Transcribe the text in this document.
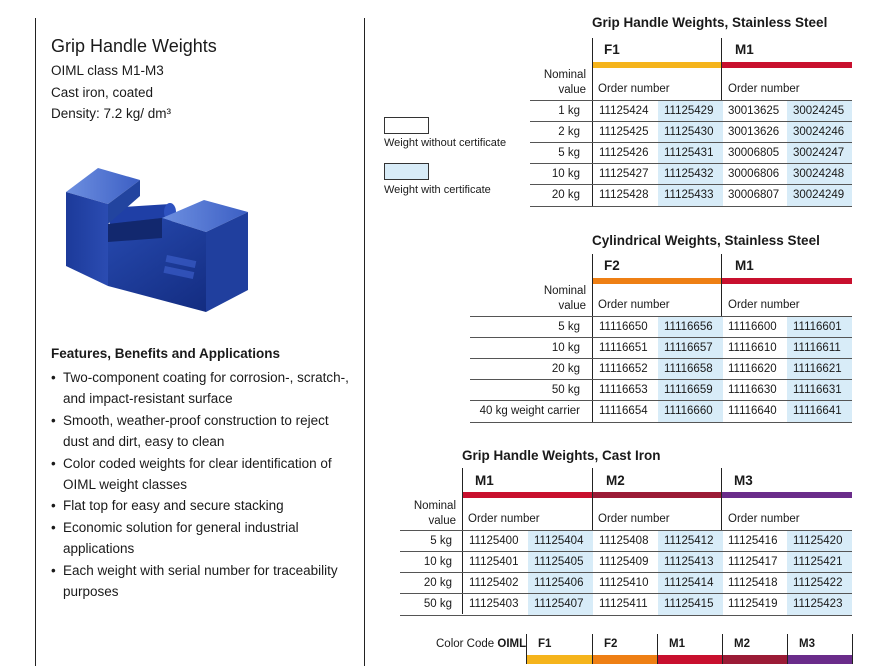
Grip Handle Weights
OIML class M1-M3
Cast iron, coated
Density: 7.2 kg/ dm³
Features, Benefits and Applications
• Two-component coating for corrosion-, scratch-, and impact-resistant surface
• Smooth, weather-proof construction to reject dust and dirt, easy to clean
• Color coded weights for clear identification of OIML weight classes
• Flat top for easy and secure stacking
• Economic solution for general industrial applications
• Each weight with serial number for traceability purposes
Weight without certificate
Weight with certificate
Grip Handle Weights, Stainless Steel
F1	M1
Nominal
value Order number	Order number
1 kg	11125424	11125429	30013625	30024245
2 kg	11125425	11125430	30013626	30024246
5 kg	11125426	11125431	30006805	30024247
10 kg	11125427	11125432	30006806	30024248
20 kg	11125428	11125433	30006807	30024249
Cylindrical Weights, Stainless Steel
F2	M1
Nominal
value Order number	Order number
5 kg	11116650	11116656	11116600	11116601
10 kg	11116651	11116657	11116610	11116611
20 kg	11116652	11116658	11116620	11116621
50 kg	11116653	11116659	11116630	11116631
40 kg weight carrier	11116654	11116660	11116640	11116641
Grip Handle Weights, Cast Iron
M1	M2	M3
Nominal
value Order number	Order number	Order number
5 kg	11125400	11125404	11125408	11125412	11125416	11125420
10 kg	11125401	11125405	11125409	11125413	11125417	11125421
20 kg	11125402	11125406	11125410	11125414	11125418	11125422
50 kg	11125403	11125407	11125411	11125415	11125419	11125423
Color Code OIML F1	F2	M1	M2	M3
